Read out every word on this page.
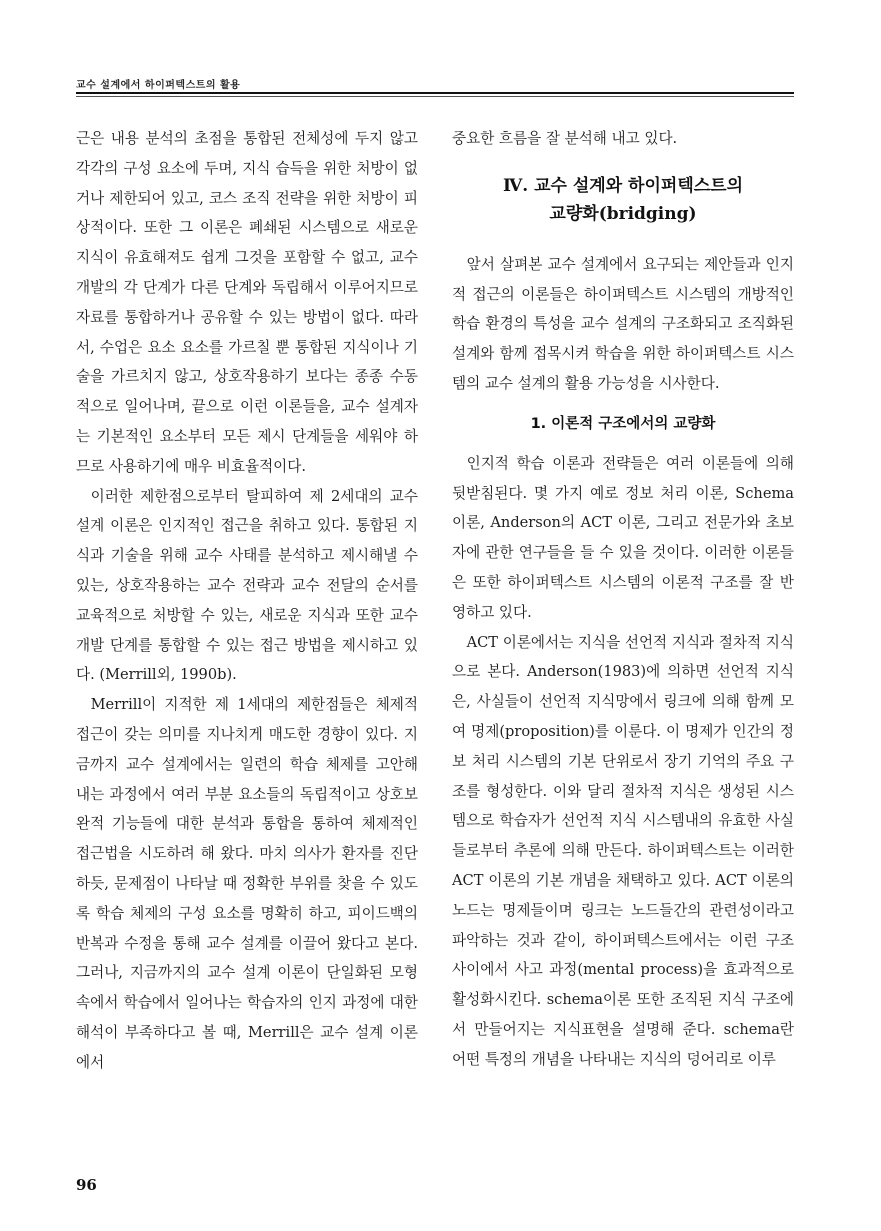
교수 설계에서 하이퍼텍스트의 활용

근은 내용 분석의 초점을 통합된 전체성에 두지 않고 각각의 구성 요소에 두며, 지식 습득을 위한 처방이 없거나 제한되어 있고, 코스 조직 전략을 위한 처방이 피상적이다. 또한 그 이론은 폐쇄된 시스템으로 새로운 지식이 유효해져도 쉽게 그것을 포함할 수 없고, 교수 개발의 각 단계가 다른 단계와 독립해서 이루어지므로 자료를 통합하거나 공유할 수 있는 방법이 없다. 따라서, 수업은 요소 요소를 가르칠 뿐 통합된 지식이나 기술을 가르치지 않고, 상호작용하기 보다는 종종 수동적으로 일어나며, 끝으로 이런 이론들을, 교수 설계자는 기본적인 요소부터 모든 제시 단계들을 세워야 하므로 사용하기에 매우 비효율적이다.

이러한 제한점으로부터 탈피하여 제 2세대의 교수 설계 이론은 인지적인 접근을 취하고 있다. 통합된 지식과 기술을 위해 교수 사태를 분석하고 제시해낼 수 있는, 상호작용하는 교수 전략과 교수 전달의 순서를 교육적으로 처방할 수 있는, 새로운 지식과 또한 교수 개발 단계를 통합할 수 있는 접근 방법을 제시하고 있다. (Merrill외, 1990b).

Merrill이 지적한 제 1세대의 제한점들은 체제적 접근이 갖는 의미를 지나치게 매도한 경향이 있다. 지금까지 교수 설계에서는 일련의 학습 체제를 고안해 내는 과정에서 여러 부분 요소들의 독립적이고 상호보완적 기능들에 대한 분석과 통합을 통하여 체제적인 접근법을 시도하려 해 왔다. 마치 의사가 환자를 진단하듯, 문제점이 나타날 때 정확한 부위를 찾을 수 있도록 학습 체제의 구성 요소를 명확히 하고, 피이드백의 반복과 수정을 통해 교수 설계를 이끌어 왔다고 본다. 그러나, 지금까지의 교수 설계 이론이 단일화된 모형 속에서 학습에서 일어나는 학습자의 인지 과정에 대한 해석이 부족하다고 볼 때, Merrill은 교수 설계 이론에서

중요한 흐름을 잘 분석해 내고 있다.

Ⅳ. 교수 설계와 하이퍼텍스트의
교량화(bridging)

앞서 살펴본 교수 설계에서 요구되는 제안들과 인지적 접근의 이론들은 하이퍼텍스트 시스템의 개방적인 학습 환경의 특성을 교수 설계의 구조화되고 조직화된 설계와 함께 접목시켜 학습을 위한 하이퍼텍스트 시스템의 교수 설계의 활용 가능성을 시사한다.

1. 이론적 구조에서의 교량화

인지적 학습 이론과 전략들은 여러 이론들에 의해 뒷받침된다. 몇 가지 예로 정보 처리 이론, Schema 이론, Anderson의 ACT 이론, 그리고 전문가와 초보자에 관한 연구들을 들 수 있을 것이다. 이러한 이론들은 또한 하이퍼텍스트 시스템의 이론적 구조를 잘 반영하고 있다.

ACT 이론에서는 지식을 선언적 지식과 절차적 지식으로 본다. Anderson(1983)에 의하면 선언적 지식은, 사실들이 선언적 지식망에서 링크에 의해 함께 모여 명제(proposition)를 이룬다. 이 명제가 인간의 정보 처리 시스템의 기본 단위로서 장기 기억의 주요 구조를 형성한다. 이와 달리 절차적 지식은 생성된 시스템으로 학습자가 선언적 지식 시스템내의 유효한 사실들로부터 추론에 의해 만든다. 하이퍼텍스트는 이러한 ACT 이론의 기본 개념을 채택하고 있다. ACT 이론의 노드는 명제들이며 링크는 노드들간의 관련성이라고 파악하는 것과 같이, 하이퍼텍스트에서는 이런 구조 사이에서 사고 과정(mental process)을 효과적으로 활성화시킨다. schema이론 또한 조직된 지식 구조에서 만들어지는 지식표현을 설명해 준다. schema란 어떤 특정의 개념을 나타내는 지식의 덩어리로 이루

96
